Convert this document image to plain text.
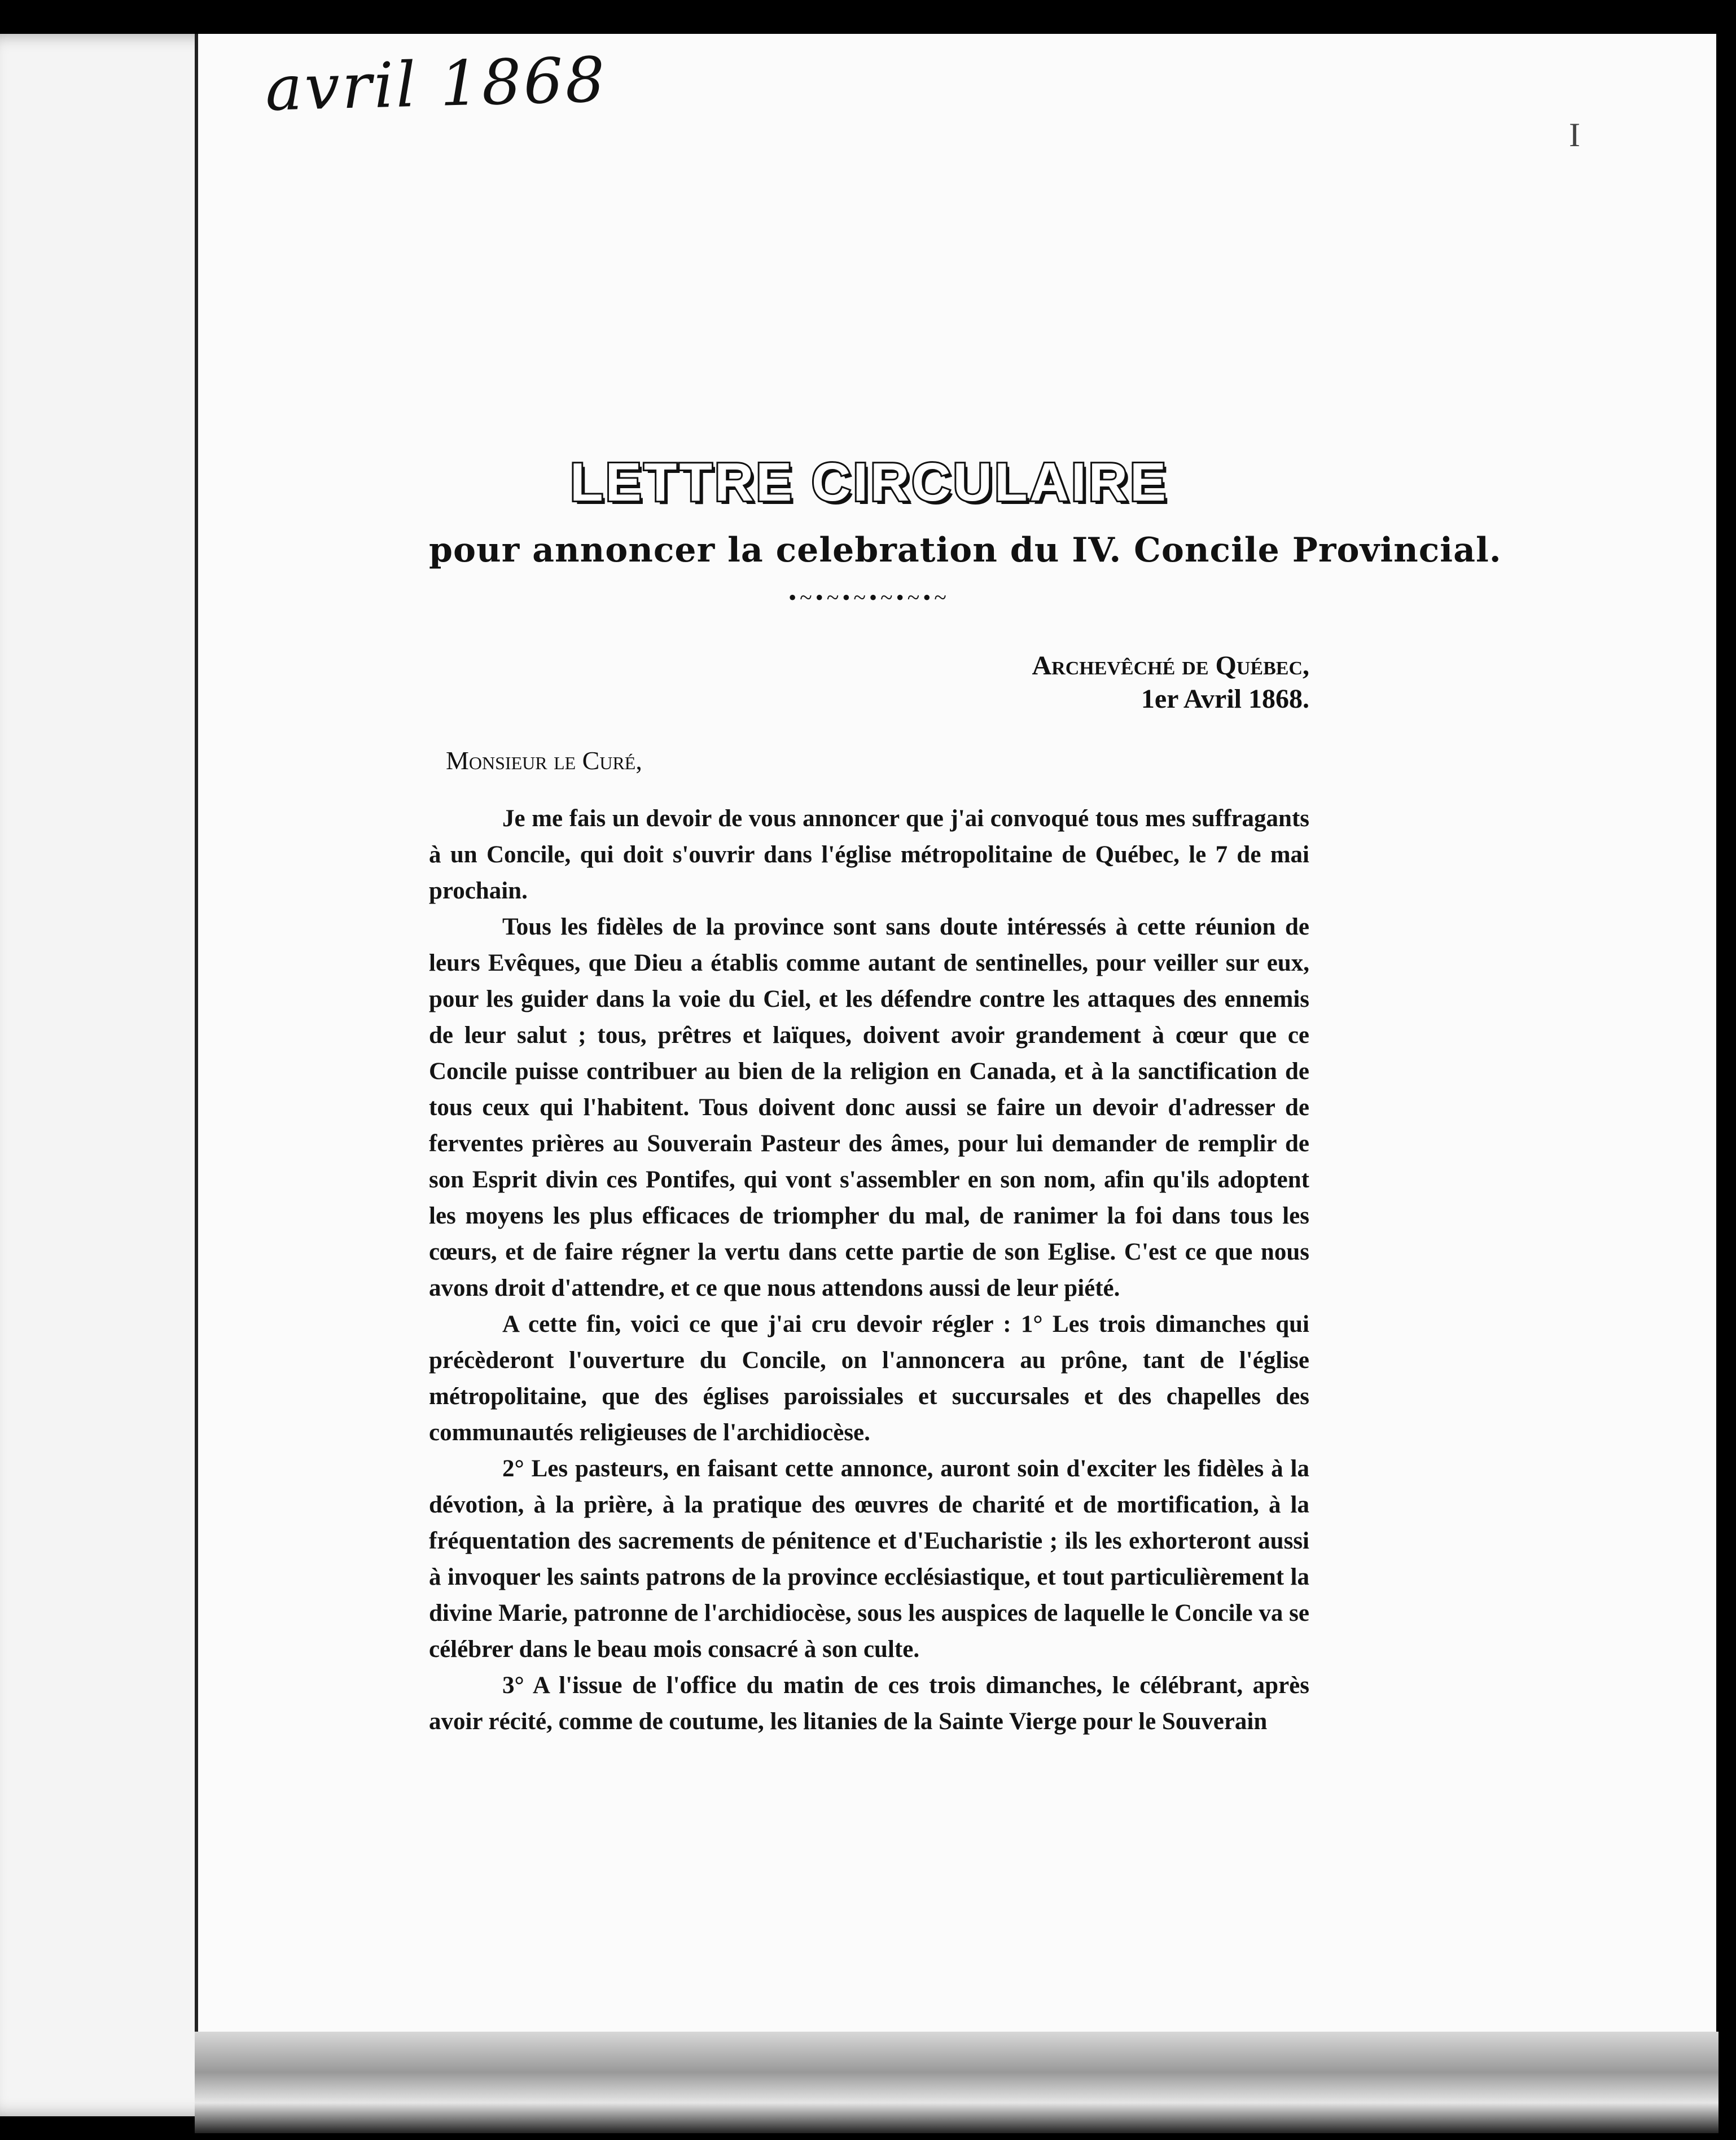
avril 1868
I
LETTRE CIRCULAIRE
pour annoncer la celebration du IV. Concile Provincial.
•~•~•~•~•~•~

Archevêché de Québec,

1er Avril 1868.

Monsieur le Curé,

Je me fais un devoir de vous annoncer que j'ai convoqué tous mes suffragants à un Concile, qui doit s'ouvrir dans l'église métropolitaine de Québec, le 7 de mai prochain.

Tous les fidèles de la province sont sans doute intéressés à cette réunion de leurs Evêques, que Dieu a établis comme autant de sentinelles, pour veiller sur eux, pour les guider dans la voie du Ciel, et les défendre contre les attaques des ennemis de leur salut ; tous, prêtres et laïques, doivent avoir grandement à cœur que ce Concile puisse contribuer au bien de la religion en Canada, et à la sanctification de tous ceux qui l'habitent. Tous doivent donc aussi se faire un devoir d'adresser de ferventes prières au Souverain Pasteur des âmes, pour lui demander de remplir de son Esprit divin ces Pontifes, qui vont s'assembler en son nom, afin qu'ils adoptent les moyens les plus efficaces de triompher du mal, de ranimer la foi dans tous les cœurs, et de faire régner la vertu dans cette partie de son Eglise. C'est ce que nous avons droit d'attendre, et ce que nous attendons aussi de leur piété.

A cette fin, voici ce que j'ai cru devoir régler : 1° Les trois dimanches qui précèderont l'ouverture du Concile, on l'annoncera au prône, tant de l'église métropolitaine, que des églises paroissiales et succursales et des chapelles des communautés religieuses de l'archidiocèse.

2° Les pasteurs, en faisant cette annonce, auront soin d'exciter les fidèles à la dévotion, à la prière, à la pratique des œuvres de charité et de mortification, à la fréquentation des sacrements de pénitence et d'Eucharistie ; ils les exhorteront aussi à invoquer les saints patrons de la province ecclésiastique, et tout particulièrement la divine Marie, patronne de l'archidiocèse, sous les auspices de laquelle le Concile va se célébrer dans le beau mois consacré à son culte.

3° A l'issue de l'office du matin de ces trois dimanches, le célébrant, après avoir récité, comme de coutume, les litanies de la Sainte Vierge pour le Souverain
